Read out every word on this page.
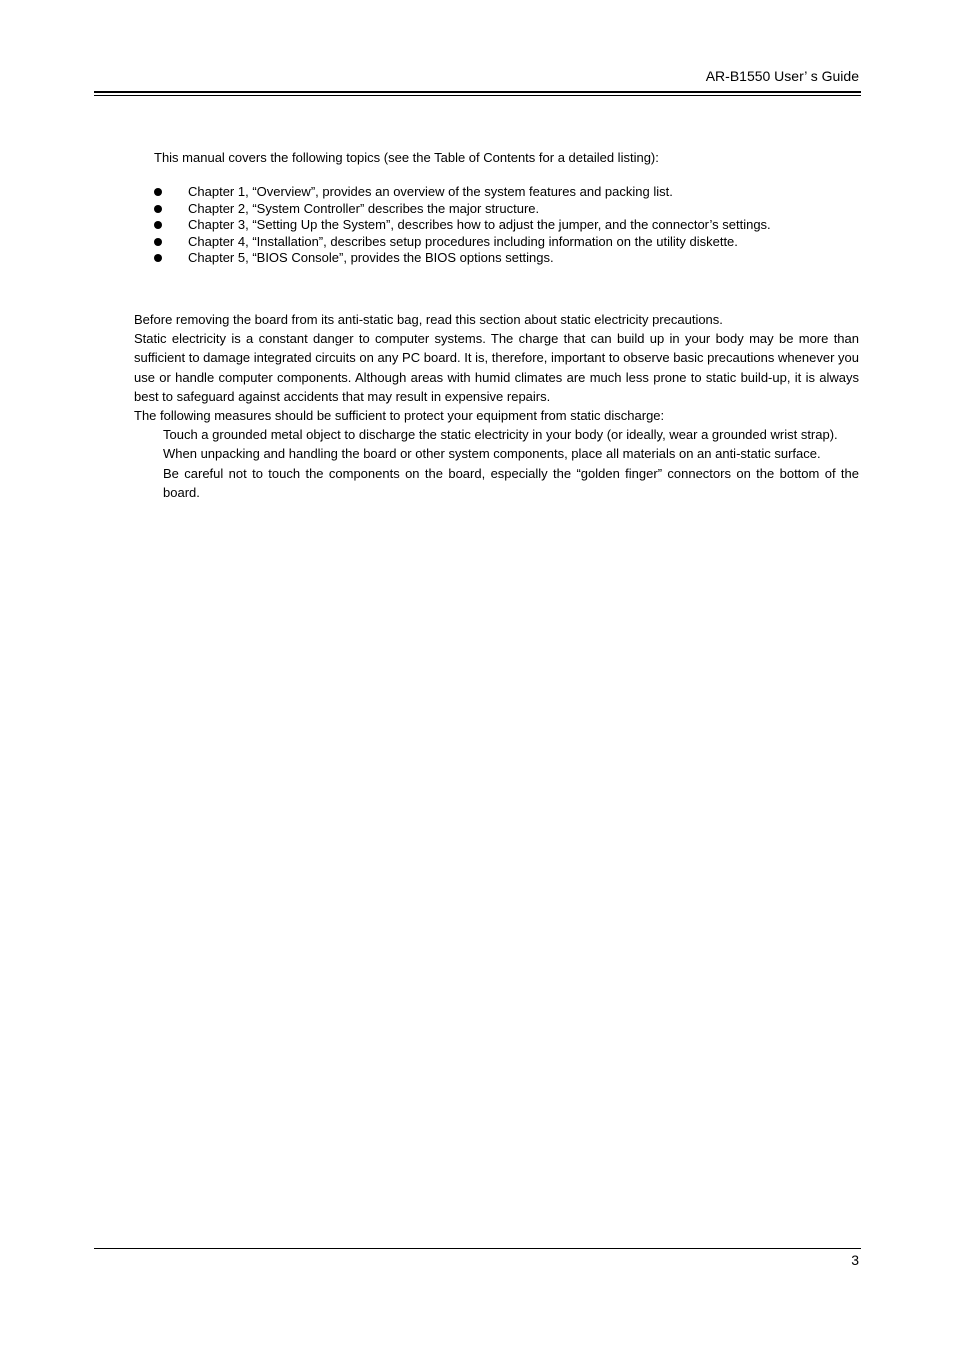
AR-B1550 User’ s Guide
This manual covers the following topics (see the Table of Contents for a detailed listing):
Chapter 1, “Overview”, provides an overview of the system features and packing list.
Chapter 2, “System Controller” describes the major structure.
Chapter 3, “Setting Up the System”, describes how to adjust the jumper, and the connector’s settings.
Chapter 4, “Installation”, describes setup procedures including information on the utility diskette.
Chapter 5, “BIOS Console”, provides the BIOS options settings.

Before removing the board from its anti-static bag, read this section about static electricity precautions.

Static electricity is a constant danger to computer systems. The charge that can build up in your body may be more than sufficient to damage integrated circuits on any PC board. It is, therefore, important to observe basic precautions whenever you use or handle computer components. Although areas with humid climates are much less prone to static build-up, it is always best to safeguard against accidents that may result in expensive repairs.

The following measures should be sufficient to protect your equipment from static discharge:

Touch a grounded metal object to discharge the static electricity in your body (or ideally, wear a grounded wrist strap).
When unpacking and handling the board or other system components, place all materials on an anti-static surface.
Be careful not to touch the components on the board, especially the “golden finger” connectors on the bottom of the board.
3
